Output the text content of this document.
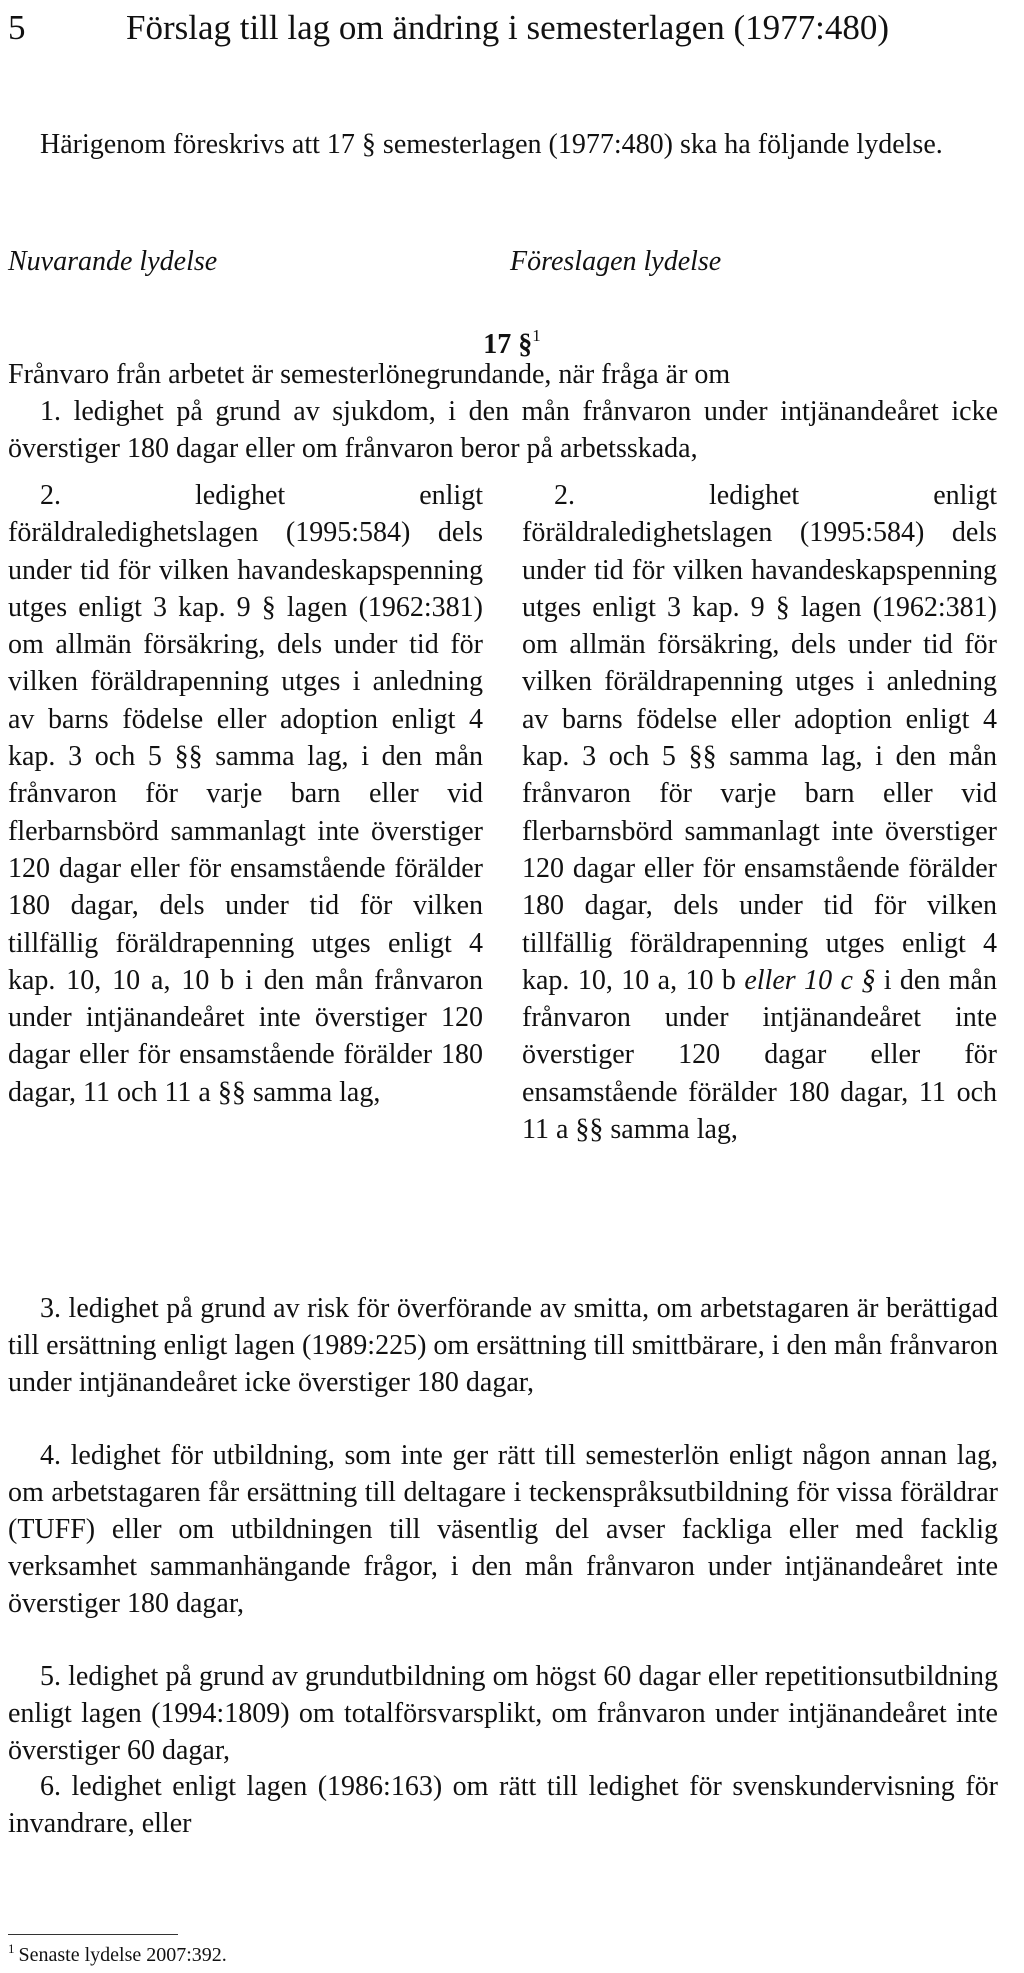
5	Förslag till lag om ändring i semesterlagen (1977:480)
Härigenom föreskrivs att 17 § semesterlagen (1977:480) ska ha följande lydelse.
Nuvarande lydelse	Föreslagen lydelse
17 §$^1$
Frånvaro från arbetet är semesterlönegrundande, när fråga är om
1. ledighet på grund av sjukdom, i den mån frånvaron under intjänandeåret icke överstiger 180 dagar eller om frånvaron beror på arbetsskada,
2. ledighet enligt föräldraledighetslagen (1995:584) dels under tid för vilken havandeskapspenning utges enligt 3 kap. 9 § lagen (1962:381) om allmän försäkring, dels under tid för vilken föräldrapenning utges i anledning av barns födelse eller adoption enligt 4 kap. 3 och 5 §§ samma lag, i den mån frånvaron för varje barn eller vid flerbarnsbörd sammanlagt inte överstiger 120 dagar eller för ensamstående förälder 180 dagar, dels under tid för vilken tillfällig föräldrapenning utges enligt 4 kap. 10, 10 a, 10 b i den mån frånvaron under intjänandeåret inte överstiger 120 dagar eller för ensamstående förälder 180 dagar, 11 och 11 a §§ samma lag,
2. ledighet enligt föräldraledighetslagen (1995:584) dels under tid för vilken havandeskapspenning utges enligt 3 kap. 9 § lagen (1962:381) om allmän försäkring, dels under tid för vilken föräldrapenning utges i anledning av barns födelse eller adoption enligt 4 kap. 3 och 5 §§ samma lag, i den mån frånvaron för varje barn eller vid flerbarnsbörd sammanlagt inte överstiger 120 dagar eller för ensamstående förälder 180 dagar, dels under tid för vilken tillfällig föräldrapenning utges enligt 4 kap. 10, 10 a, 10 b eller 10 c § i den mån frånvaron under intjänandeåret inte överstiger 120 dagar eller för ensamstående förälder 180 dagar, 11 och 11 a §§ samma lag,
3. ledighet på grund av risk för överförande av smitta, om arbetstagaren är berättigad till ersättning enligt lagen (1989:225) om ersättning till smittbärare, i den mån frånvaron under intjänandeåret icke överstiger 180 dagar,
4. ledighet för utbildning, som inte ger rätt till semesterlön enligt någon annan lag, om arbetstagaren får ersättning till deltagare i teckenspråksutbildning för vissa föräldrar (TUFF) eller om utbildningen till väsentlig del avser fackliga eller med facklig verksamhet sammanhängande frågor, i den mån frånvaron under intjänandeåret inte överstiger 180 dagar,
5. ledighet på grund av grundutbildning om högst 60 dagar eller repetitionsutbildning enligt lagen (1994:1809) om totalförsvarsplikt, om frånvaron under intjänandeåret inte överstiger 60 dagar,
6. ledighet enligt lagen (1986:163) om rätt till ledighet för svenskundervisning för invandrare, eller
$^1$ Senaste lydelse 2007:392.
